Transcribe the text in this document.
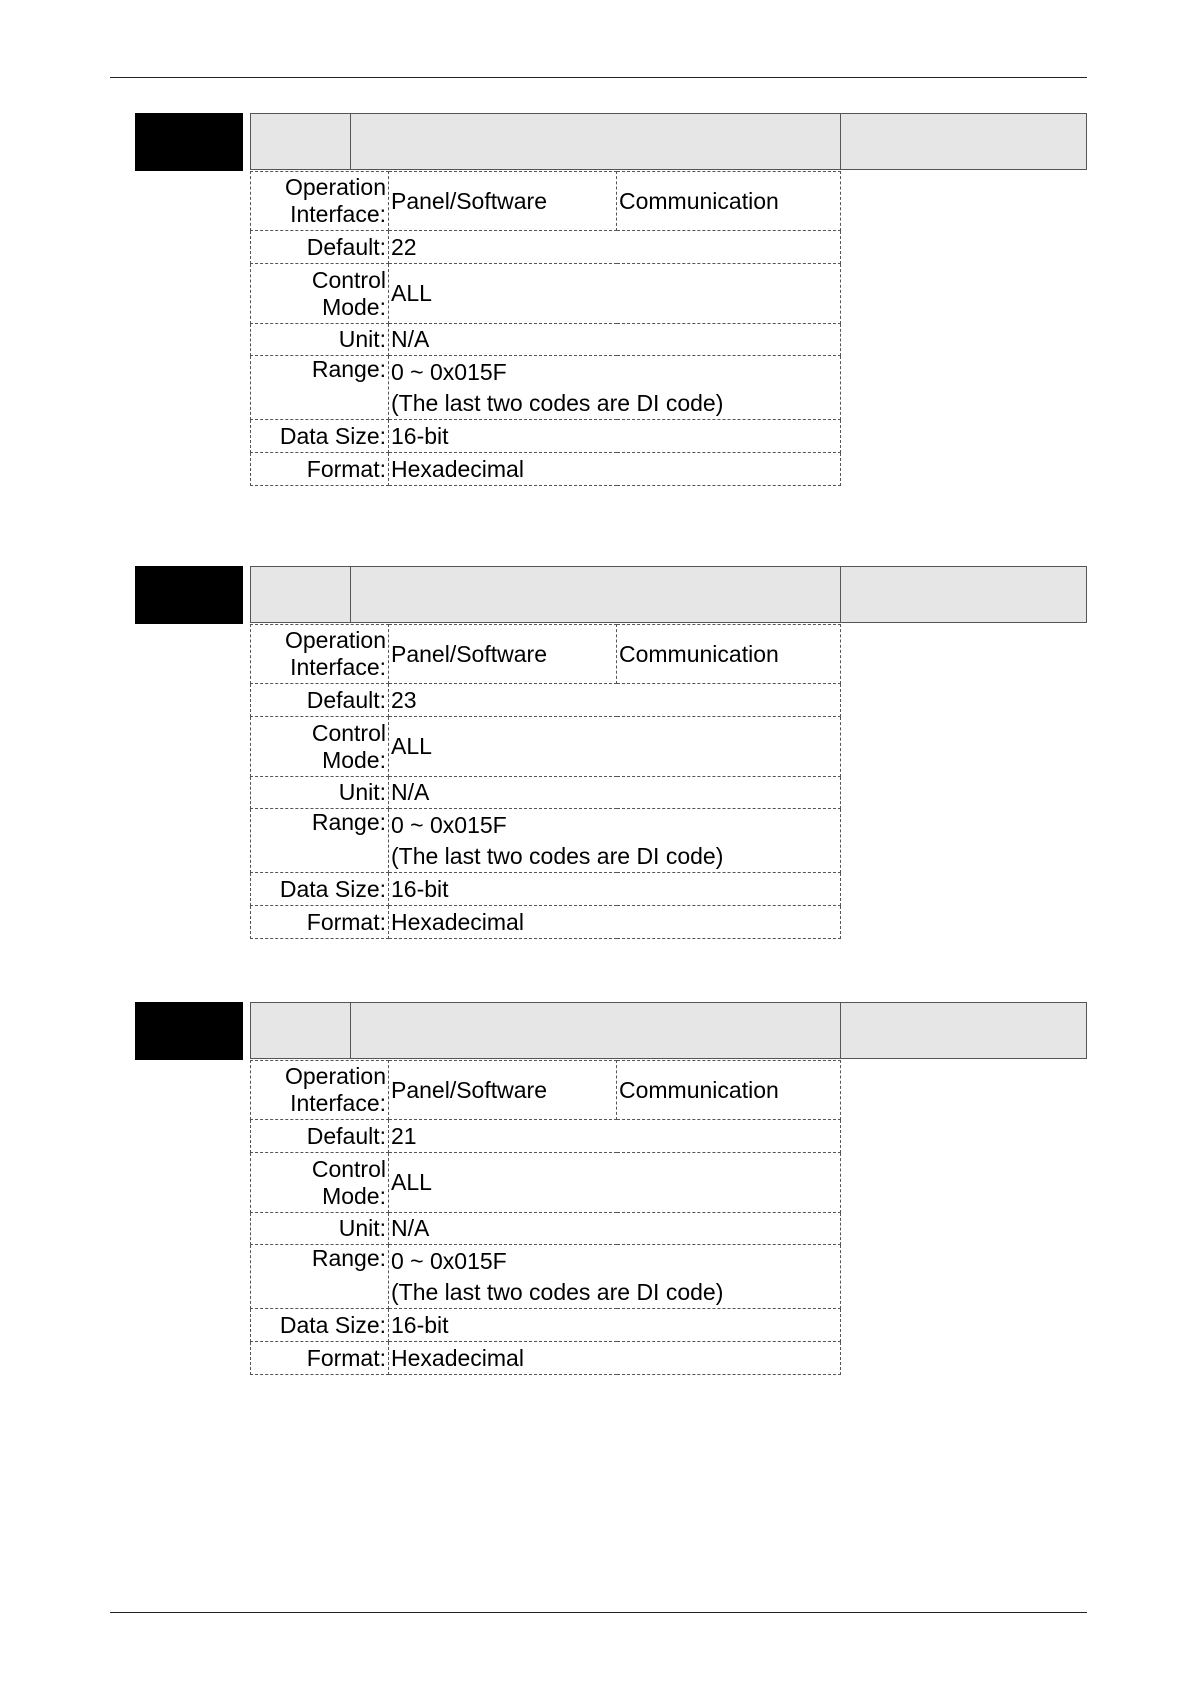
Operation
Interface:	Panel/Software	Communication
Default:	22	
Control
Mode:	ALL	
Unit:	N/A	
Range:	0 ~ 0x015F
(The last two codes are DI code)	

Data Size:	16-bit	
Format:	Hexadecimal	
Operation
Interface:	Panel/Software	Communication
Default:	23	
Control
Mode:	ALL	
Unit:	N/A	
Range:	0 ~ 0x015F
(The last two codes are DI code)	

Data Size:	16-bit	
Format:	Hexadecimal	
Operation
Interface:	Panel/Software	Communication
Default:	21	
Control
Mode:	ALL	
Unit:	N/A	
Range:	0 ~ 0x015F
(The last two codes are DI code)	

Data Size:	16-bit	
Format:	Hexadecimal	
